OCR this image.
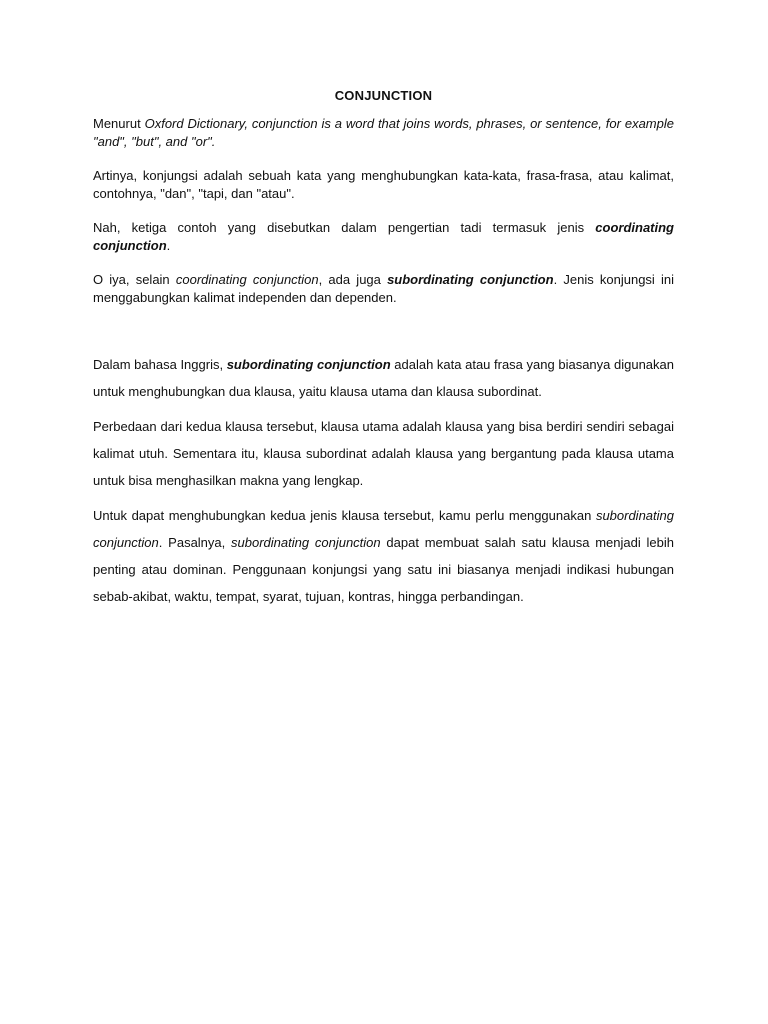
CONJUNCTION

Menurut Oxford Dictionary, conjunction is a word that joins words, phrases, or sentence, for example "and", "but", and "or".

Artinya, konjungsi adalah sebuah kata yang menghubungkan kata-kata, frasa-frasa, atau kalimat, contohnya, "dan", "tapi, dan "atau".

Nah, ketiga contoh yang disebutkan dalam pengertian tadi termasuk jenis coordinating conjunction.

O iya, selain coordinating conjunction, ada juga subordinating conjunction. Jenis konjungsi ini menggabungkan kalimat independen dan dependen.

Dalam bahasa Inggris, subordinating conjunction adalah kata atau frasa yang biasanya digunakan untuk menghubungkan dua klausa, yaitu klausa utama dan klausa subordinat.

Perbedaan dari kedua klausa tersebut, klausa utama adalah klausa yang bisa berdiri sendiri sebagai kalimat utuh. Sementara itu, klausa subordinat adalah klausa yang bergantung pada klausa utama untuk bisa menghasilkan makna yang lengkap.

Untuk dapat menghubungkan kedua jenis klausa tersebut, kamu perlu menggunakan subordinating conjunction. Pasalnya, subordinating conjunction dapat membuat salah satu klausa menjadi lebih penting atau dominan. Penggunaan konjungsi yang satu ini biasanya menjadi indikasi hubungan sebab-akibat, waktu, tempat, syarat, tujuan, kontras, hingga perbandingan.
